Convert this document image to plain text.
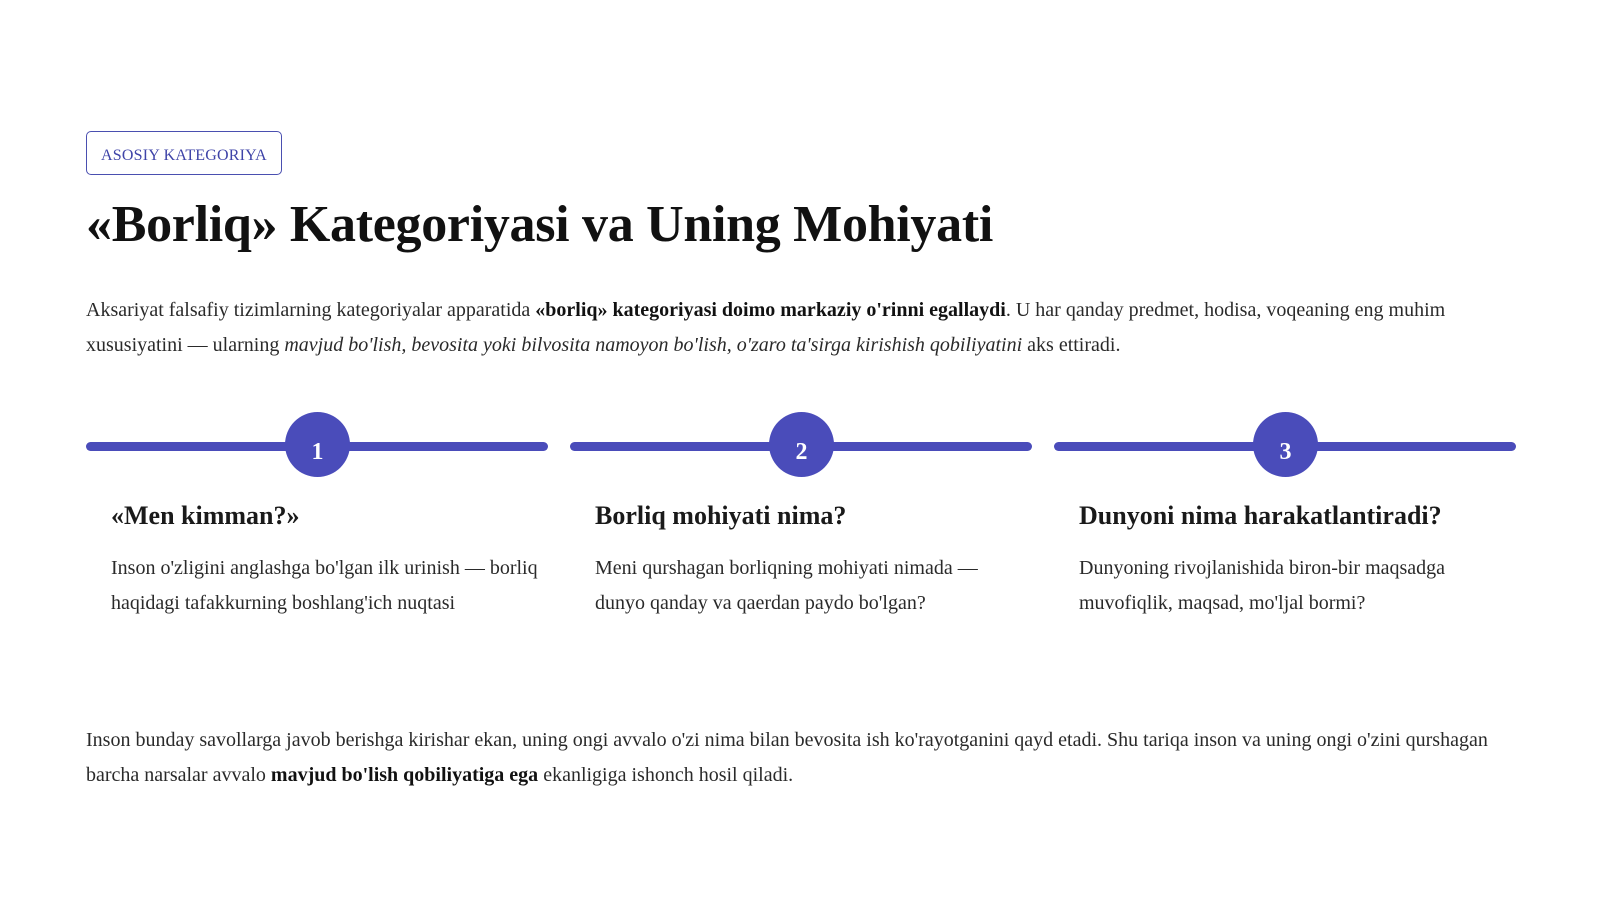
ASOSIY KATEGORIYA
«Borliq» Kategoriyasi va Uning Mohiyati

Aksariyat falsafiy tizimlarning kategoriyalar apparatida «borliq» kategoriyasi doimo markaziy o'rinni egallaydi. U har qanday predmet, hodisa, voqeaning eng muhim xususiyatini — ularning mavjud bo'lish, bevosita yoki bilvosita namoyon bo'lish, o'zaro ta'sirga kirishish qobiliyatini aks ettiradi.

1
«Men kimman?»
Inson o'zligini anglashga bo'lgan ilk urinish — borliq haqidagi tafakkurning boshlang'ich nuqtasi
2
Borliq mohiyati nima?
Meni qurshagan borliqning mohiyati nimada — dunyo qanday va qaerdan paydo bo'lgan?
3
Dunyoni nima harakatlantiradi?
Dunyoning rivojlanishida biron-bir maqsadga muvofiqlik, maqsad, mo'ljal bormi?

Inson bunday savollarga javob berishga kirishar ekan, uning ongi avvalo o'zi nima bilan bevosita ish ko'rayotganini qayd etadi. Shu tariqa inson va uning ongi o'zini qurshagan barcha narsalar avvalo mavjud bo'lish qobiliyatiga ega ekanligiga ishonch hosil qiladi.
